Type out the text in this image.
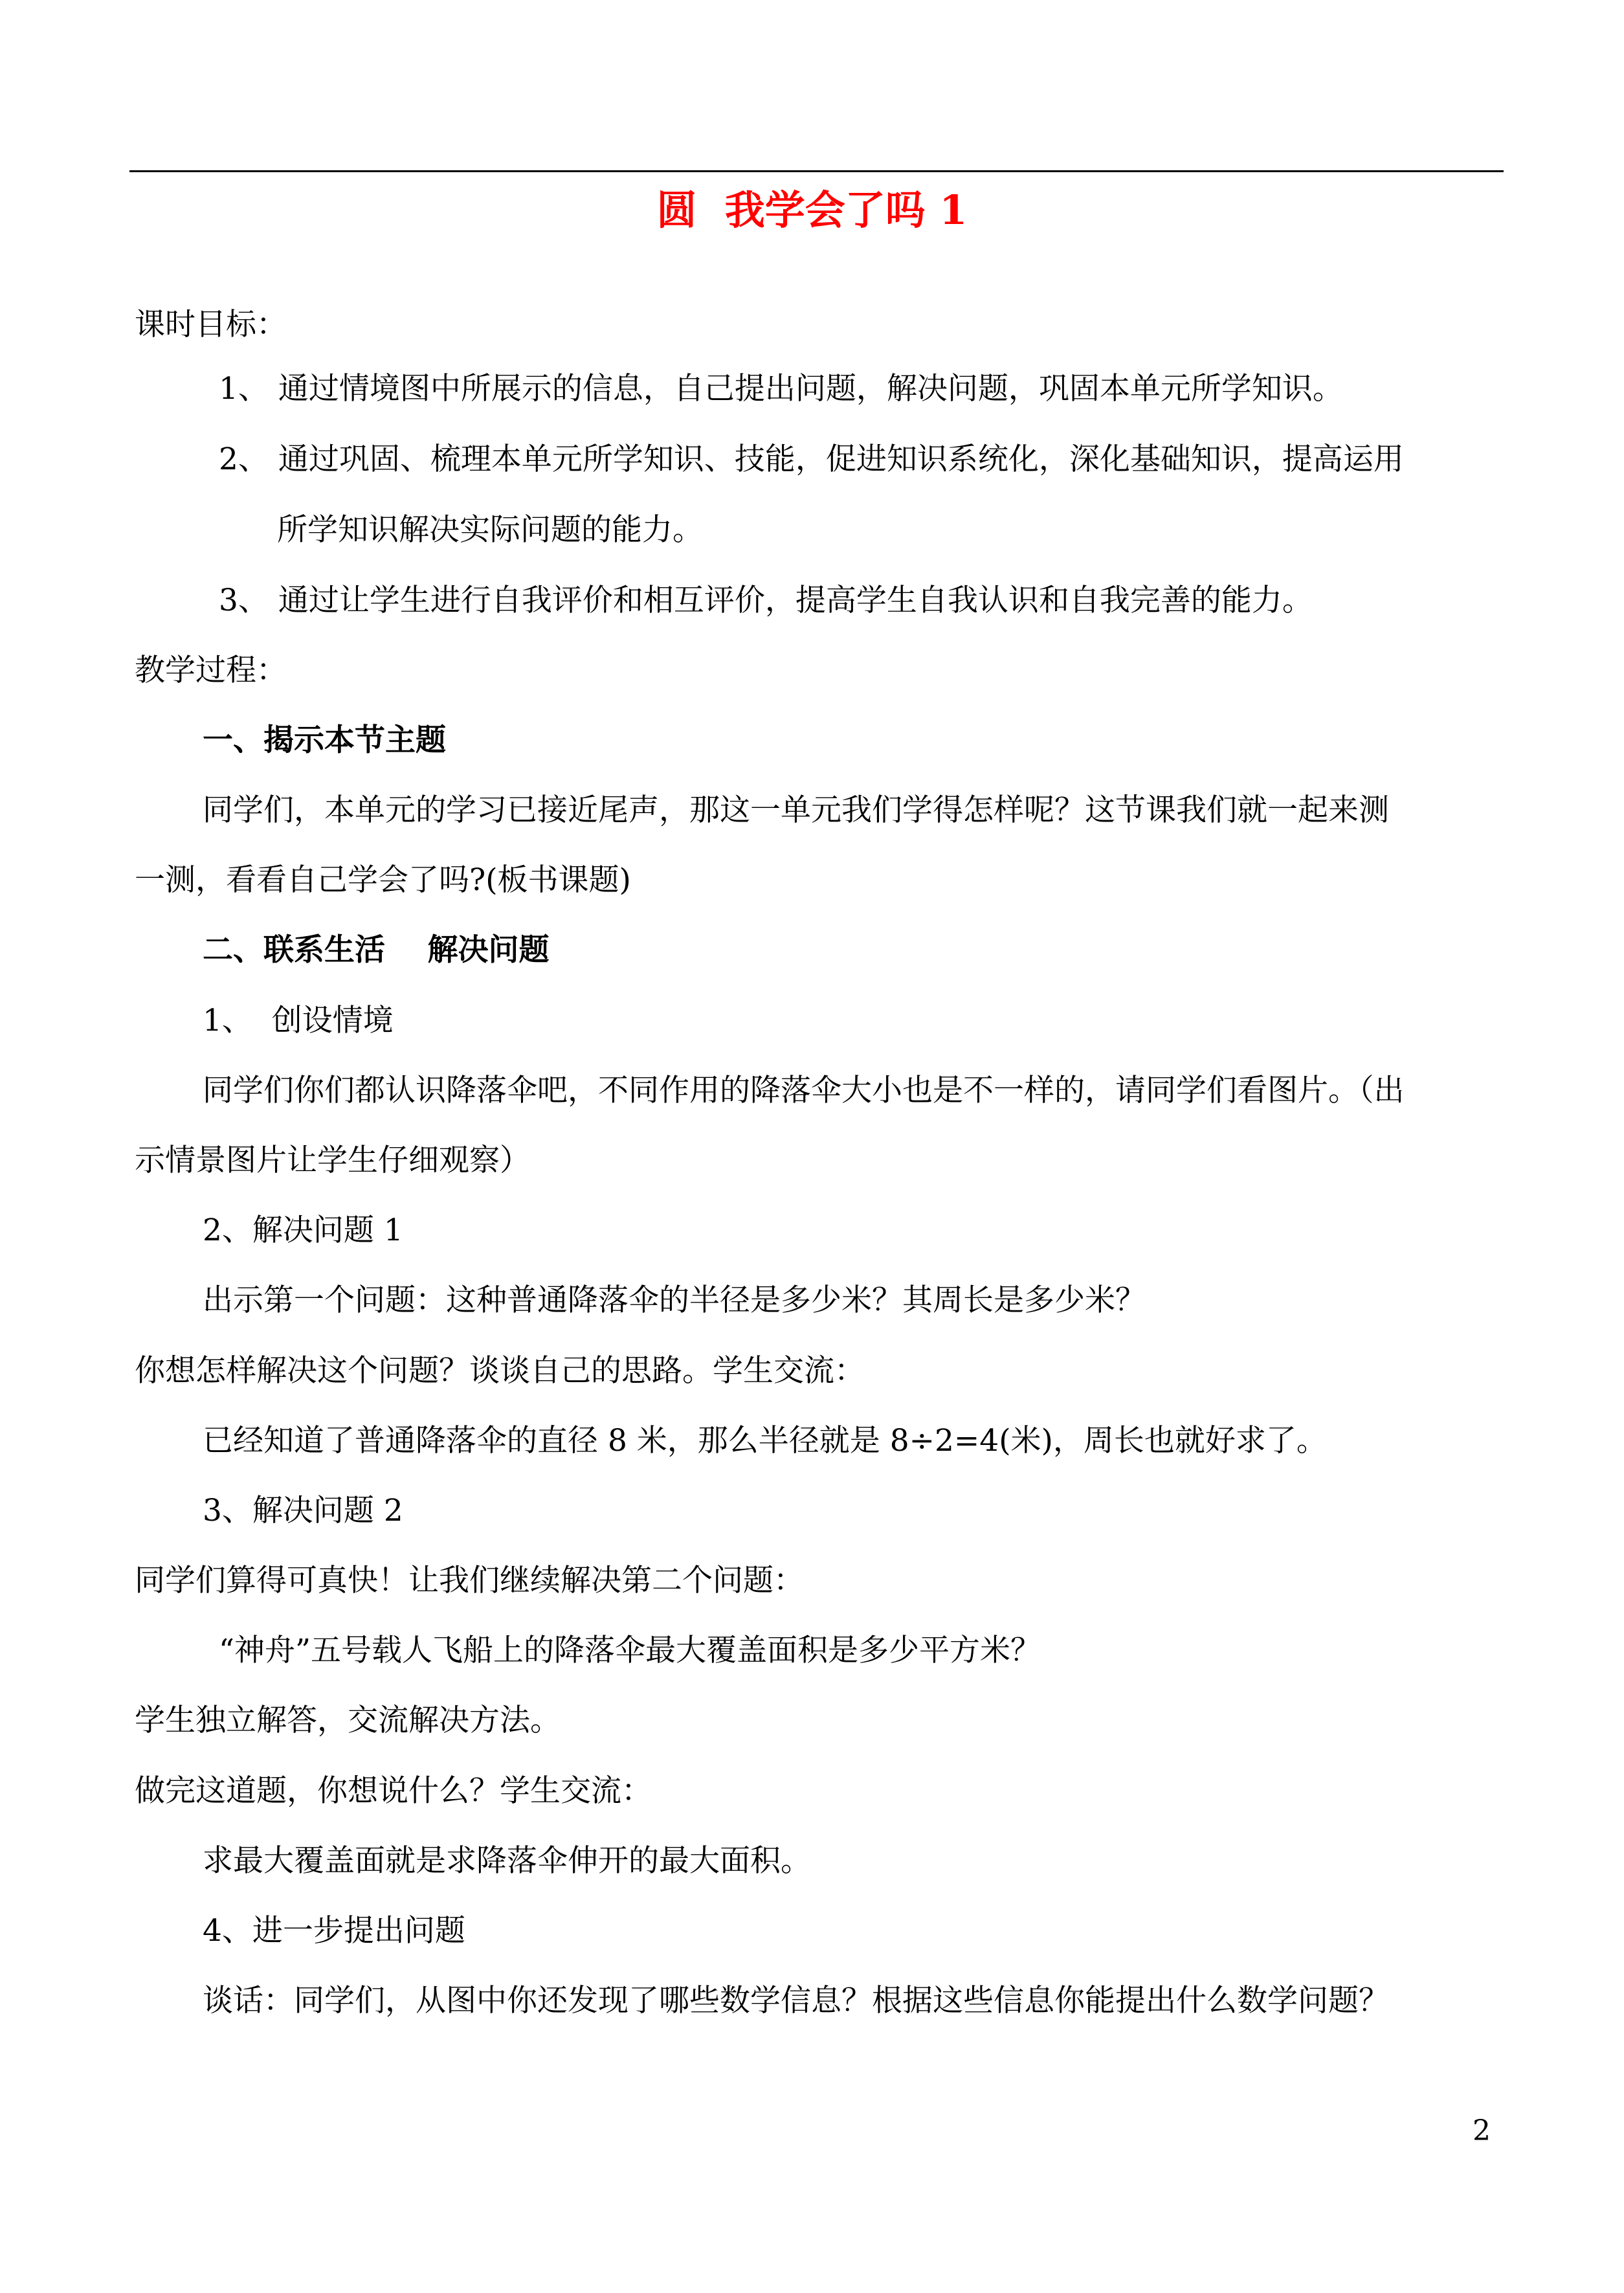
圆  我学会了吗 1
课时目标：
1、 通过情境图中所展示的信息，自己提出问题，解决问题，巩固本单元所学知识。
2、 通过巩固、梳理本单元所学知识、技能，促进知识系统化，深化基础知识，提高运用
所学知识解决实际问题的能力。
3、 通过让学生进行自我评价和相互评价，提高学生自我认识和自我完善的能力。
教学过程：
一、揭示本节主题
同学们，本单元的学习已接近尾声，那这一单元我们学得怎样呢？这节课我们就一起来测
一测，看看自己学会了吗?(板书课题)
二、联系生活    解决问题
1、  创设情境
同学们你们都认识降落伞吧，不同作用的降落伞大小也是不一样的，请同学们看图片。（出
示情景图片让学生仔细观察）
2、解决问题 1
出示第一个问题：这种普通降落伞的半径是多少米？其周长是多少米？
你想怎样解决这个问题？谈谈自己的思路。学生交流：
已经知道了普通降落伞的直径 8 米，那么半径就是 8÷2=4(米)，周长也就好求了。
3、解决问题 2
同学们算得可真快！让我们继续解决第二个问题：
“神舟”五号载人飞船上的降落伞最大覆盖面积是多少平方米？
学生独立解答，交流解决方法。
做完这道题，你想说什么？学生交流：
求最大覆盖面就是求降落伞伸开的最大面积。
4、进一步提出问题
谈话：同学们，从图中你还发现了哪些数学信息？根据这些信息你能提出什么数学问题？
2
